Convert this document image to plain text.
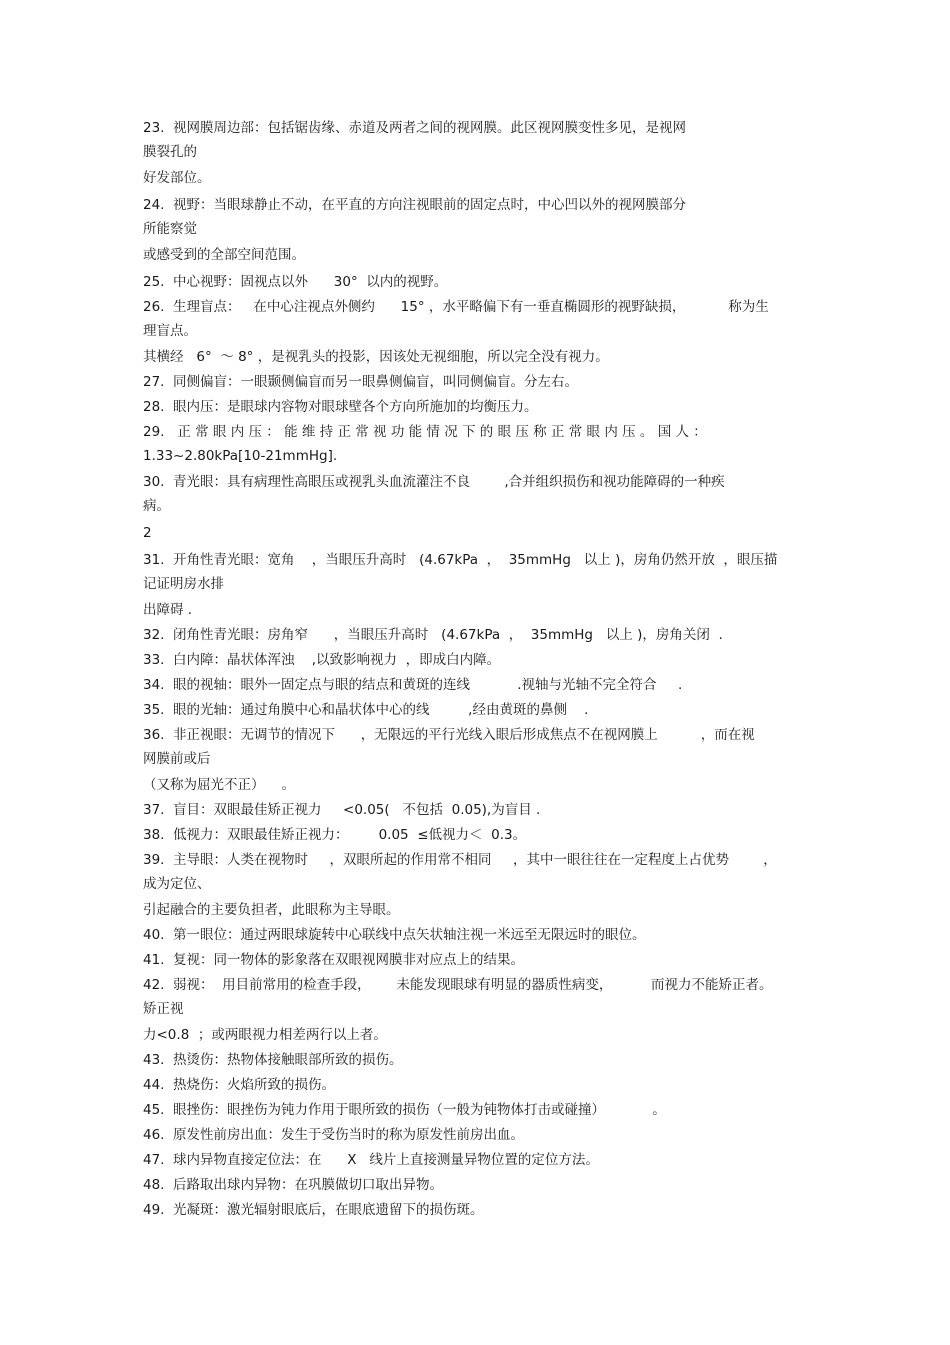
23.  视网膜周边部：包括锯齿缘、赤道及两者之间的视网膜。此区视网膜变性多见，是视网

膜裂孔的

好发部位。

24.  视野：当眼球静止不动，在平直的方向注视眼前的固定点时，中心凹以外的视网膜部分

所能察觉

或感受到的全部空间范围。

25.  中心视野：固视点以外      30°  以内的视野。

26.  生理盲点：   在中心注视点外侧约      15° ，水平略偏下有一垂直椭圆形的视野缺损，          称为生

理盲点。

其横经   6°  ～ 8° ，是视乳头的投影，因该处无视细胞，所以完全没有视力。

27.  同侧偏盲：一眼颞侧偏盲而另一眼鼻侧偏盲，叫同侧偏盲。分左右。

28.  眼内压：是眼球内容物对眼球壁各个方向所施加的均衡压力。

29.   正 常 眼 内 压 ： 能 维 持 正 常 视 功 能 情 况 下 的 眼 压 称 正 常 眼 内 压 。 国 人 ：

1.33~2.80kPa[10-21mmHg].

30.  青光眼：具有病理性高眼压或视乳头血流灌注不良        ,合并组织损伤和视功能障碍的一种疾

病。

2

31.  开角性青光眼：宽角    ，当眼压升高时   (4.67kPa  ，  35mmHg   以上 )，房角仍然开放  ，眼压描

记证明房水排

出障碍 .

32.  闭角性青光眼：房角窄      ，当眼压升高时   (4.67kPa  ，  35mmHg   以上 )，房角关闭  .

33.  白内障：晶状体浑浊    ,以致影响视力  ，即成白内障。

34.  眼的视轴：眼外一固定点与眼的结点和黄斑的连线           .视轴与光轴不完全符合     .

35.  眼的光轴：通过角膜中心和晶状体中心的线         ,经由黄斑的鼻侧    .

36.  非正视眼：无调节的情况下      ，无限远的平行光线入眼后形成焦点不在视网膜上          ，而在视

网膜前或后

（又称为屈光不正）    。

37.  盲目：双眼最佳矫正视力     <0.05(   不包括  0.05),为盲目 .

38.  低视力：双眼最佳矫正视力：       0.05  ≤低视力＜  0.3。

39.  主导眼：人类在视物时     ，双眼所起的作用常不相同     ，其中一眼往往在一定程度上占优势        ，

成为定位、

引起融合的主要负担者，此眼称为主导眼。

40.  第一眼位：通过两眼球旋转中心联线中点矢状轴注视一米远至无限远时的眼位。

41.  复视：同一物体的影象落在双眼视网膜非对应点上的结果。

42.  弱视：  用目前常用的检查手段，      未能发现眼球有明显的器质性病变，         而视力不能矫正者。

矫正视

力<0.8  ；或两眼视力相差两行以上者。

43.  热烫伤：热物体接触眼部所致的损伤。

44.  热烧伤：火焰所致的损伤。

45.  眼挫伤：眼挫伤为钝力作用于眼所致的损伤（一般为钝物体打击或碰撞）           。

46.  原发性前房出血：发生于受伤当时的称为原发性前房出血。

47.  球内异物直接定位法：在      X   线片上直接测量异物位置的定位方法。

48.  后路取出球内异物：在巩膜做切口取出异物。

49.  光凝斑：激光辐射眼底后，在眼底遗留下的损伤斑。
